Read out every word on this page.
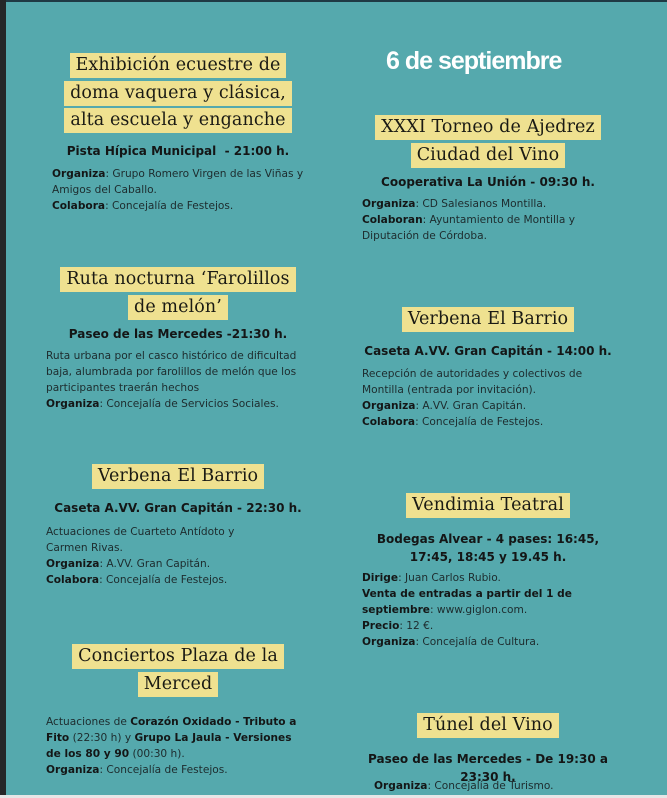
6 de septiembre
Exhibición ecuestre de
doma vaquera y clásica,
alta escuela y enganche
Pista Hípica Municipal  - 21:00 h.
Organiza: Grupo Romero Virgen de las Viñas y Amigos del Caballo.
Colabora: Concejalía de Festejos.
Ruta nocturna ‘Farolillos
de melón’
Paseo de las Mercedes -21:30 h.
Ruta urbana por el casco histórico de dificultad baja, alumbrada por farolillos de melón que los participantes traerán hechos
Organiza: Concejalía de Servicios Sociales.
Verbena El Barrio
Caseta A.VV. Gran Capitán - 22:30 h.
Actuaciones de Cuarteto Antídoto y Carmen Rivas.
Organiza: A.VV. Gran Capitán.
Colabora: Concejalía de Festejos.
Conciertos Plaza de la
Merced
Actuaciones de Corazón Oxidado - Tributo a Fito (22:30 h) y Grupo La Jaula - Versiones de los 80 y 90 (00:30 h).
Organiza: Concejalía de Festejos.
XXXI Torneo de Ajedrez
Ciudad del Vino
Cooperativa La Unión - 09:30 h.
Organiza: CD Salesianos Montilla.
Colaboran: Ayuntamiento de Montilla y Diputación de Córdoba.
Verbena El Barrio
Caseta A.VV. Gran Capitán - 14:00 h.
Recepción de autoridades y colectivos de Montilla (entrada por invitación).
Organiza: A.VV. Gran Capitán.
Colabora: Concejalía de Festejos.
Vendimia Teatral
Bodegas Alvear - 4 pases: 16:45, 17:45, 18:45 y 19.45 h.
Dirige: Juan Carlos Rubio.
Venta de entradas a partir del 1 de septiembre: www.giglon.com.
Precio: 12 €.
Organiza: Concejalía de Cultura.
Túnel del Vino
Paseo de las Mercedes - De 19:30 a 23:30 h.
Organiza: Concejalía de Turismo.
